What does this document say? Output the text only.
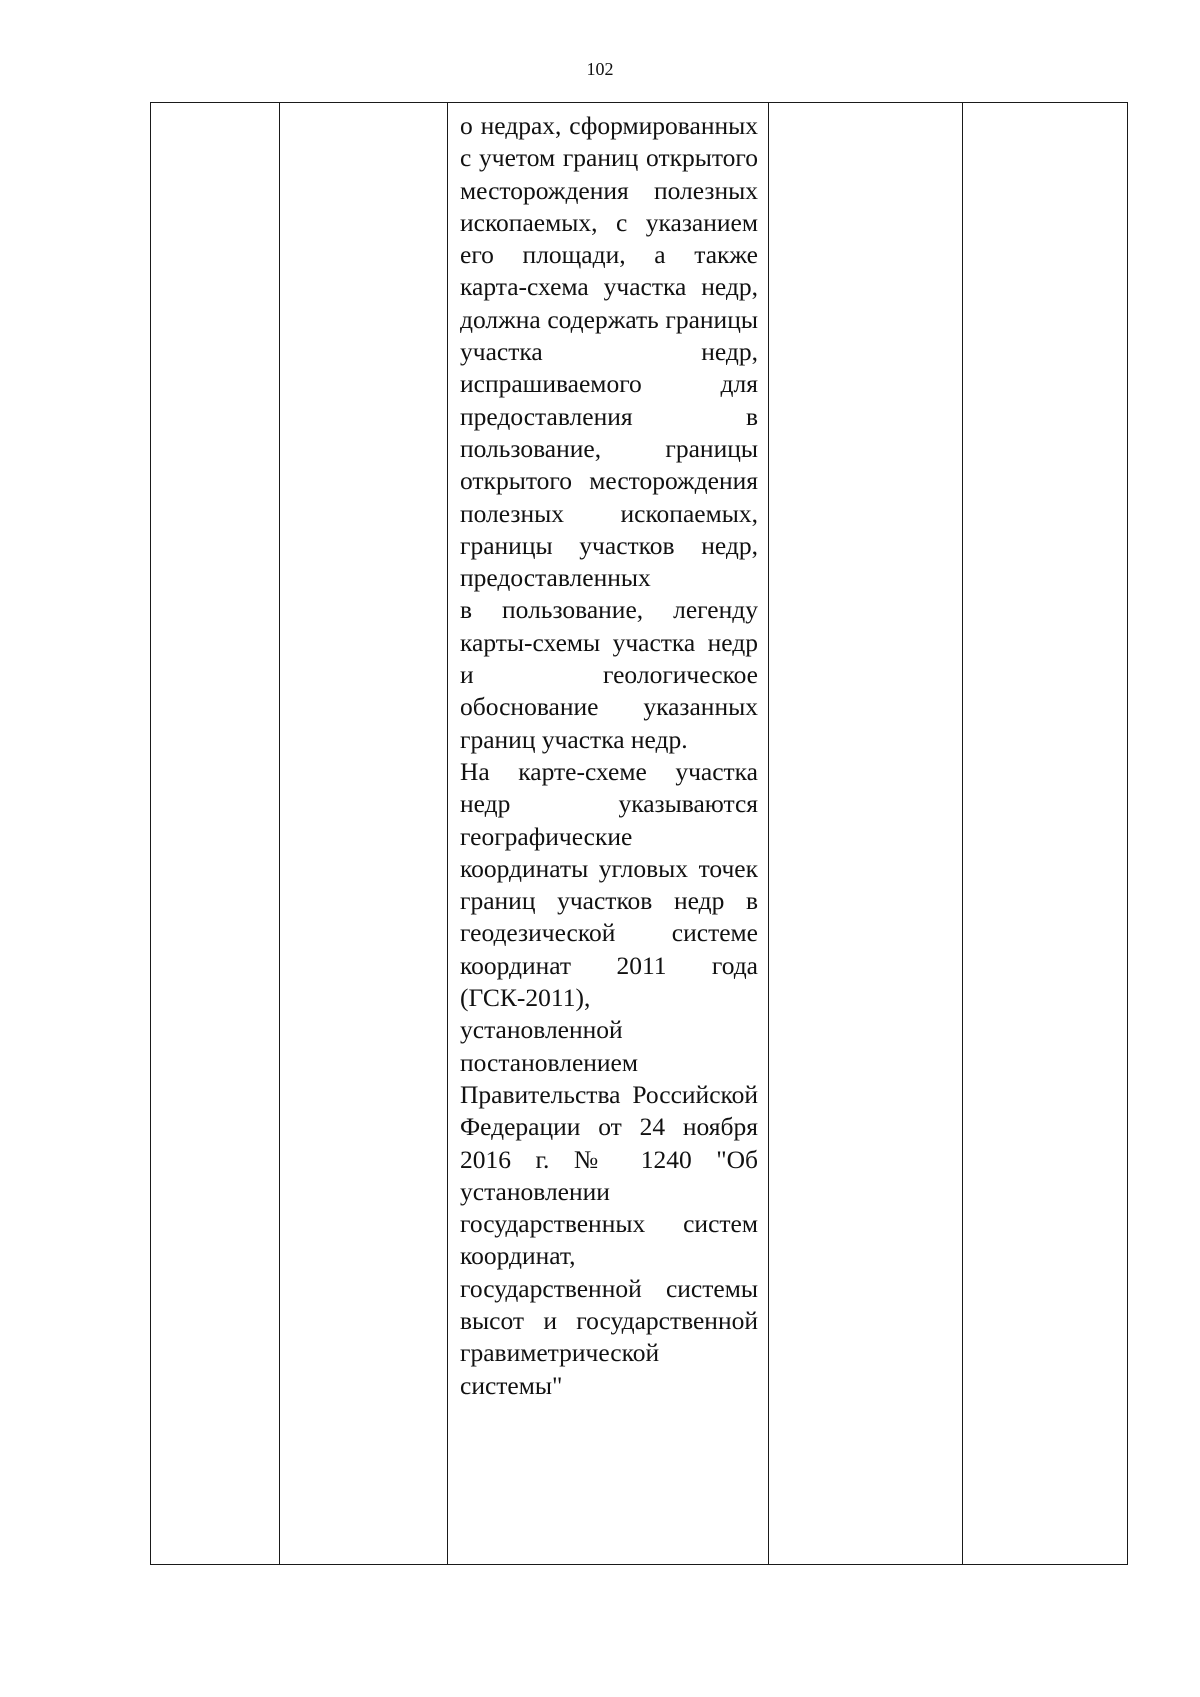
102

о недрах, сформированных с учетом границ открытого месторождения полезных ископаемых, с указанием его площади, а также карта-схема участка недр, должна содержать границы участка недр, испрашиваемого для предоставления в пользование, границы открытого месторождения полезных ископаемых, границы участков недр, предоставленных
в пользование, легенду карты-схемы участка недр и геологическое обоснование указанных границ участка недр.
На карте-схеме участка недр указываются географические координаты угловых точек границ участков недр в геодезической системе координат 2011 года (ГСК-2011), установленной постановлением Правительства Российской Федерации от 24 ноября 2016 г. № 1240 "Об установлении государственных систем координат, государственной системы высот и государственной гравиметрической системы"
